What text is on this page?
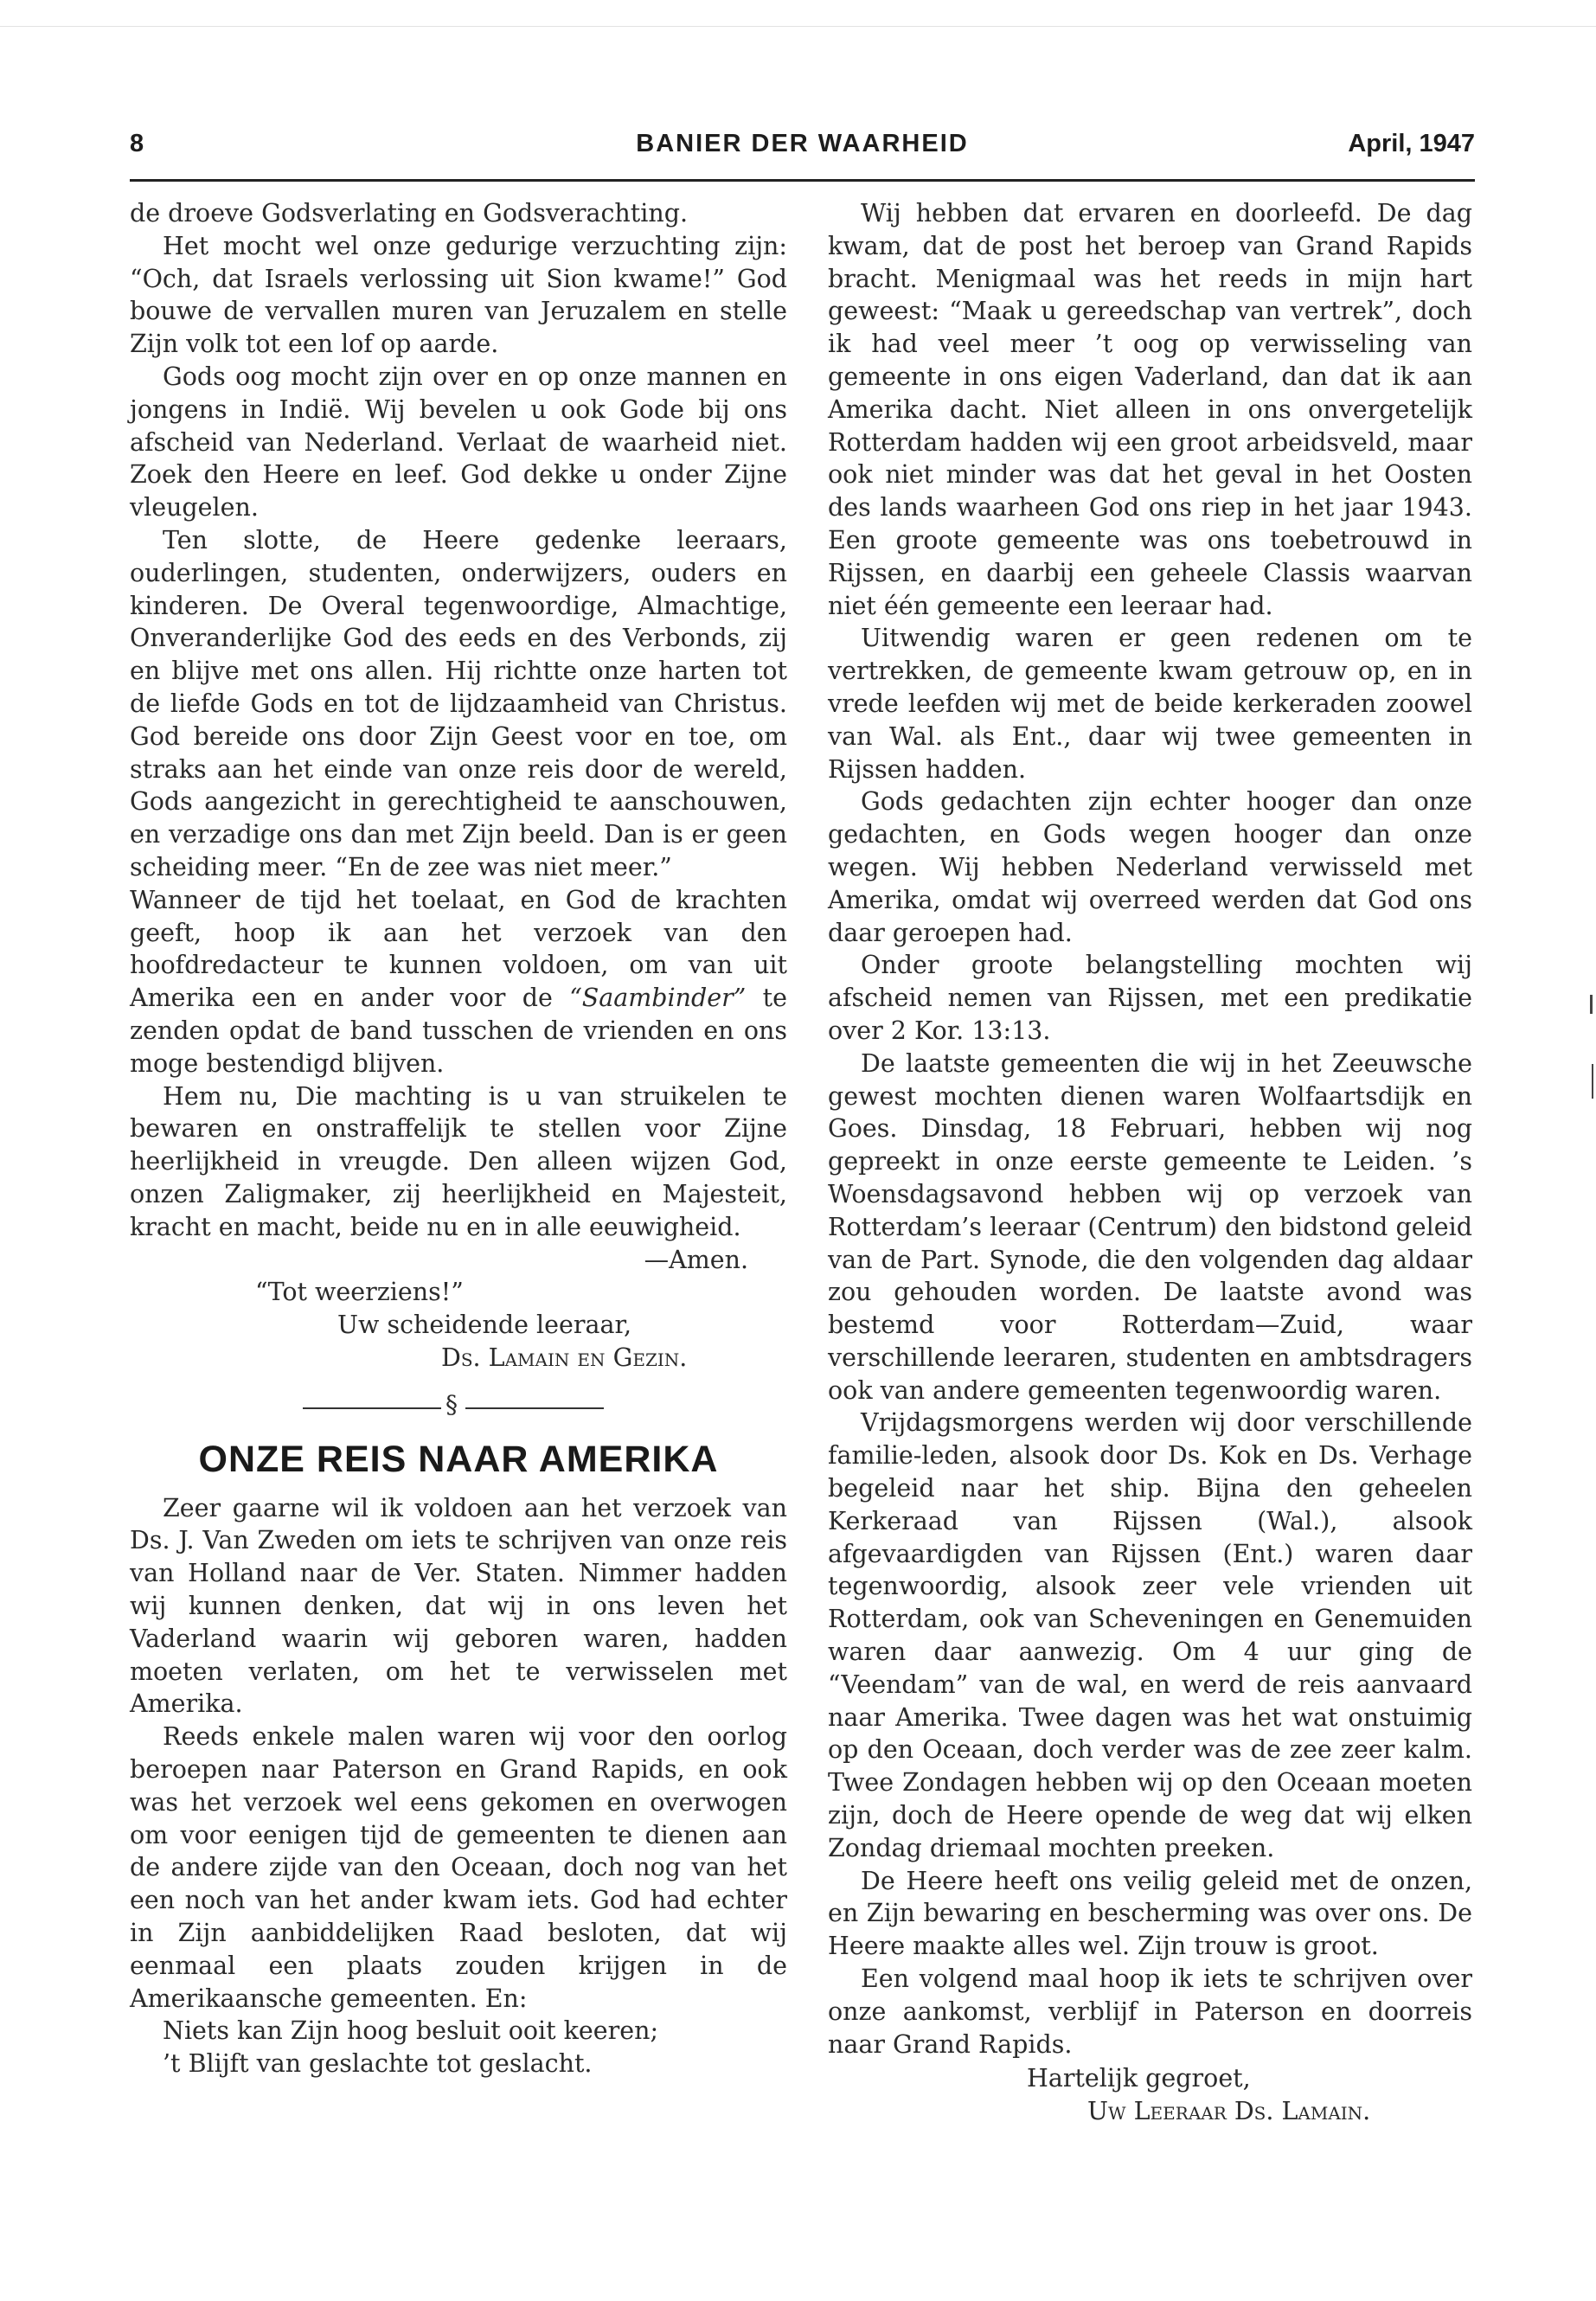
8	BANIER DER WAARHEID	April, 1947

de droeve Godsverlating en Godsverachting.

Het mocht wel onze gedurige verzuchting zijn: “Och, dat Israels verlossing uit Sion kwame!” God bouwe de vervallen muren van Jeruzalem en stelle Zijn volk tot een lof op aarde.

Gods oog mocht zijn over en op onze mannen en jongens in Indië. Wij bevelen u ook Gode bij ons afscheid van Nederland. Verlaat de waarheid niet. Zoek den Heere en leef. God dekke u onder Zijne vleugelen.

Ten slotte, de Heere gedenke leeraars, ouderlingen, studenten, onderwijzers, ouders en kinderen. De Overal tegenwoordige, Almachtige, Onveranderlijke God des eeds en des Verbonds, zij en blijve met ons allen. Hij richtte onze harten tot de liefde Gods en tot de lijdzaamheid van Christus. God bereide ons door Zijn Geest voor en toe, om straks aan het einde van onze reis door de wereld, Gods aangezicht in gerechtigheid te aanschouwen, en verzadige ons dan met Zijn beeld. Dan is er geen scheiding meer. “En de zee was niet meer.”

Wanneer de tijd het toelaat, en God de krachten geeft, hoop ik aan het verzoek van den hoofdredacteur te kunnen voldoen, om van uit Amerika een en ander voor de “Saambinder” te zenden opdat de band tusschen de vrienden en ons moge bestendigd blijven.

Hem nu, Die machting is u van struikelen te bewaren en onstraffelijk te stellen voor Zijne heerlijkheid in vreugde. Den alleen wijzen God, onzen Zaligmaker, zij heerlijkheid en Majesteit, kracht en macht, beide nu en in alle eeuwigheid.

—Amen.
“Tot weerziens!”
Uw scheidende leeraar,
Ds. Lamain en Gezin.
§
ONZE REIS NAAR AMERIKA

Zeer gaarne wil ik voldoen aan het verzoek van Ds. J. Van Zweden om iets te schrijven van onze reis van Holland naar de Ver. Staten. Nimmer hadden wij kunnen denken, dat wij in ons leven het Vaderland waarin wij geboren waren, hadden moeten verlaten, om het te verwisselen met Amerika.

Reeds enkele malen waren wij voor den oorlog beroepen naar Paterson en Grand Rapids, en ook was het verzoek wel eens gekomen en overwogen om voor eenigen tijd de gemeenten te dienen aan de andere zijde van den Oceaan, doch nog van het een noch van het ander kwam iets. God had echter in Zijn aanbiddelijken Raad besloten, dat wij eenmaal een plaats zouden krijgen in de Amerikaansche gemeenten. En:

Niets kan Zijn hoog besluit ooit keeren;
’t Blijft van geslachte tot geslacht.

Wij hebben dat ervaren en doorleefd. De dag kwam, dat de post het beroep van Grand Rapids bracht. Menigmaal was het reeds in mijn hart geweest: “Maak u gereedschap van vertrek”, doch ik had veel meer ’t oog op verwisseling van gemeente in ons eigen Vaderland, dan dat ik aan Amerika dacht. Niet alleen in ons onvergetelijk Rotterdam hadden wij een groot arbeidsveld, maar ook niet minder was dat het geval in het Oosten des lands waarheen God ons riep in het jaar 1943. Een groote gemeente was ons toebetrouwd in Rijssen, en daarbij een geheele Classis waarvan niet één gemeente een leeraar had.

Uitwendig waren er geen redenen om te vertrekken, de gemeente kwam getrouw op, en in vrede leefden wij met de beide kerkeraden zoowel van Wal. als Ent., daar wij twee gemeenten in Rijssen hadden.

Gods gedachten zijn echter hooger dan onze gedachten, en Gods wegen hooger dan onze wegen. Wij hebben Nederland verwisseld met Amerika, omdat wij overreed werden dat God ons daar geroepen had.

Onder groote belangstelling mochten wij afscheid nemen van Rijssen, met een predikatie over 2 Kor. 13:13.

De laatste gemeenten die wij in het Zeeuwsche gewest mochten dienen waren Wolfaartsdijk en Goes. Dinsdag, 18 Februari, hebben wij nog gepreekt in onze eerste gemeente te Leiden. ’s Woensdagsavond hebben wij op verzoek van Rotterdam’s leeraar (Centrum) den bidstond geleid van de Part. Synode, die den volgenden dag aldaar zou gehouden worden. De laatste avond was bestemd voor Rotterdam—Zuid, waar verschillende leeraren, studenten en ambtsdragers ook van andere gemeenten tegenwoordig waren.

Vrijdagsmorgens werden wij door verschillende familie-leden, alsook door Ds. Kok en Ds. Verhage begeleid naar het ship. Bijna den geheelen Kerkeraad van Rijssen (Wal.), alsook afgevaardigden van Rijssen (Ent.) waren daar tegenwoordig, alsook zeer vele vrienden uit Rotterdam, ook van Scheveningen en Genemuiden waren daar aanwezig. Om 4 uur ging de “Veendam” van de wal, en werd de reis aanvaard naar Amerika. Twee dagen was het wat onstuimig op den Oceaan, doch verder was de zee zeer kalm. Twee Zondagen hebben wij op den Oceaan moeten zijn, doch de Heere opende de weg dat wij elken Zondag driemaal mochten preeken.

De Heere heeft ons veilig geleid met de onzen, en Zijn bewaring en bescherming was over ons. De Heere maakte alles wel. Zijn trouw is groot.

Een volgend maal hoop ik iets te schrijven over onze aankomst, verblijf in Paterson en doorreis naar Grand Rapids.

Hartelijk gegroet,
Uw Leeraar Ds. Lamain.
